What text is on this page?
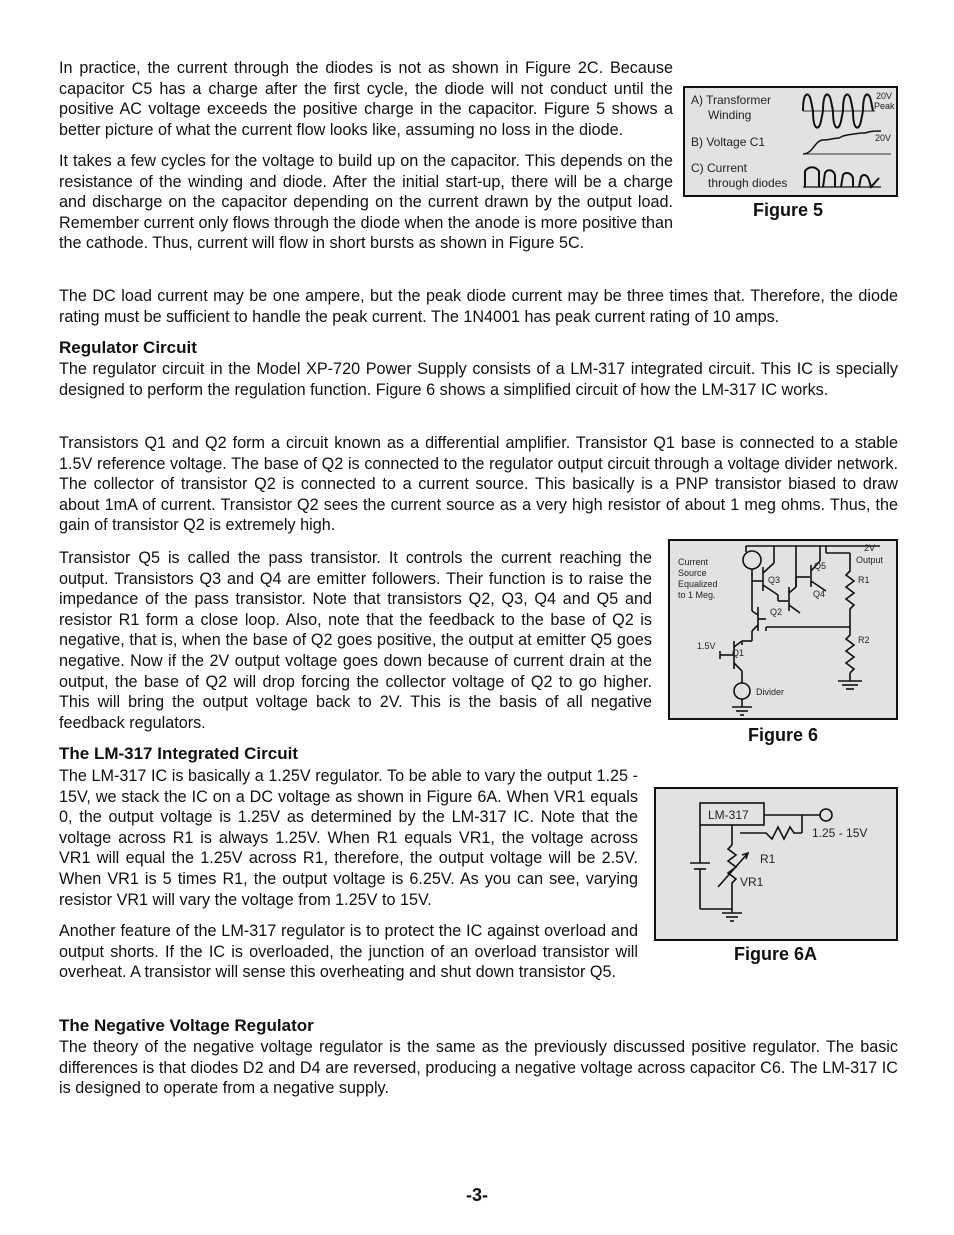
In practice, the current through the diodes is not as shown in Figure 2C. Because capacitor C5 has a charge after the first cycle, the diode will not conduct until the positive AC voltage exceeds the positive charge in the capacitor. Figure 5 shows a better picture of what the current flow looks like, assuming no loss in the diode.

It takes a few cycles for the voltage to build up on the capacitor. This depends on the resistance of the winding and diode. After the initial start-up, there will be a charge and discharge on the capacitor depending on the current drawn by the output load. Remember current only flows through the diode when the anode is more positive than the cathode. Thus, current will flow in short bursts as shown in Figure 5C.

The DC load current may be one ampere, but the peak diode current may be three times that. Therefore, the diode rating must be sufficient to handle the peak current. The 1N4001 has peak current rating of 10 amps.

Regulator Circuit

The regulator circuit in the Model XP-720 Power Supply consists of a LM-317 integrated circuit. This IC is specially designed to perform the regulation function. Figure 6 shows a simplified circuit of how the LM-317 IC works.

Transistors Q1 and Q2 form a circuit known as a differential amplifier. Transistor Q1 base is connected to a stable 1.5V reference voltage. The base of Q2 is connected to the regulator output circuit through a voltage divider network. The collector of transistor Q2 is connected to a current source. This basically is a PNP transistor biased to draw about 1mA of current. Transistor Q2 sees the current source as a very high resistor of about 1 meg ohms. Thus, the gain of transistor Q2 is extremely high.

Transistor Q5 is called the pass transistor. It controls the current reaching the output. Transistors Q3 and Q4 are emitter followers. Their function is to raise the impedance of the pass transistor. Note that transistors Q2, Q3, Q4 and Q5 and resistor R1 form a close loop. Also, note that the feedback to the base of Q2 is negative, that is, when the base of Q2 goes positive, the output at emitter Q5 goes negative. Now if the 2V output voltage goes down because of current drain at the output, the base of Q2 will drop forcing the collector voltage of Q2 to go higher. This will bring the output voltage back to 2V. This is the basis of all negative feedback regulators.

The LM-317 Integrated Circuit

The LM-317 IC is basically a 1.25V regulator. To be able to vary the output 1.25 - 15V, we stack the IC on a DC voltage as shown in Figure 6A. When VR1 equals 0, the output voltage is 1.25V as determined by the LM-317 IC. Note that the voltage across R1 is always 1.25V. When R1 equals VR1, the voltage across VR1 will equal the 1.25V across R1, therefore, the output voltage will be 2.5V. When VR1 is 5 times R1, the output voltage is 6.25V. As you can see, varying resistor VR1 will vary the voltage from 1.25V to 15V.

Another feature of the LM-317 regulator is to protect the IC against overload and output shorts. If the IC is overloaded, the junction of an overload transistor will overheat. A transistor will sense this overheating and shut down transistor Q5.

The Negative Voltage Regulator

The theory of the negative voltage regulator is the same as the previously discussed positive regulator. The basic differences is that diodes D2 and D4 are reversed, producing a negative voltage across capacitor C6. The LM-317 IC is designed to operate from a negative supply.

A) Transformer
Winding
B) Voltage C1
C) Current
through diodes
20V
Peak
20V
Figure 5
Current
Source
Equalized
to 1 Meg.
Q3
Q5
Q4
Q2
Q1
1.5V
2V
Output
R1
R2
Divider
Figure 6
LM-317
1.25 - 15V
R1
VR1
Figure 6A
-3-
